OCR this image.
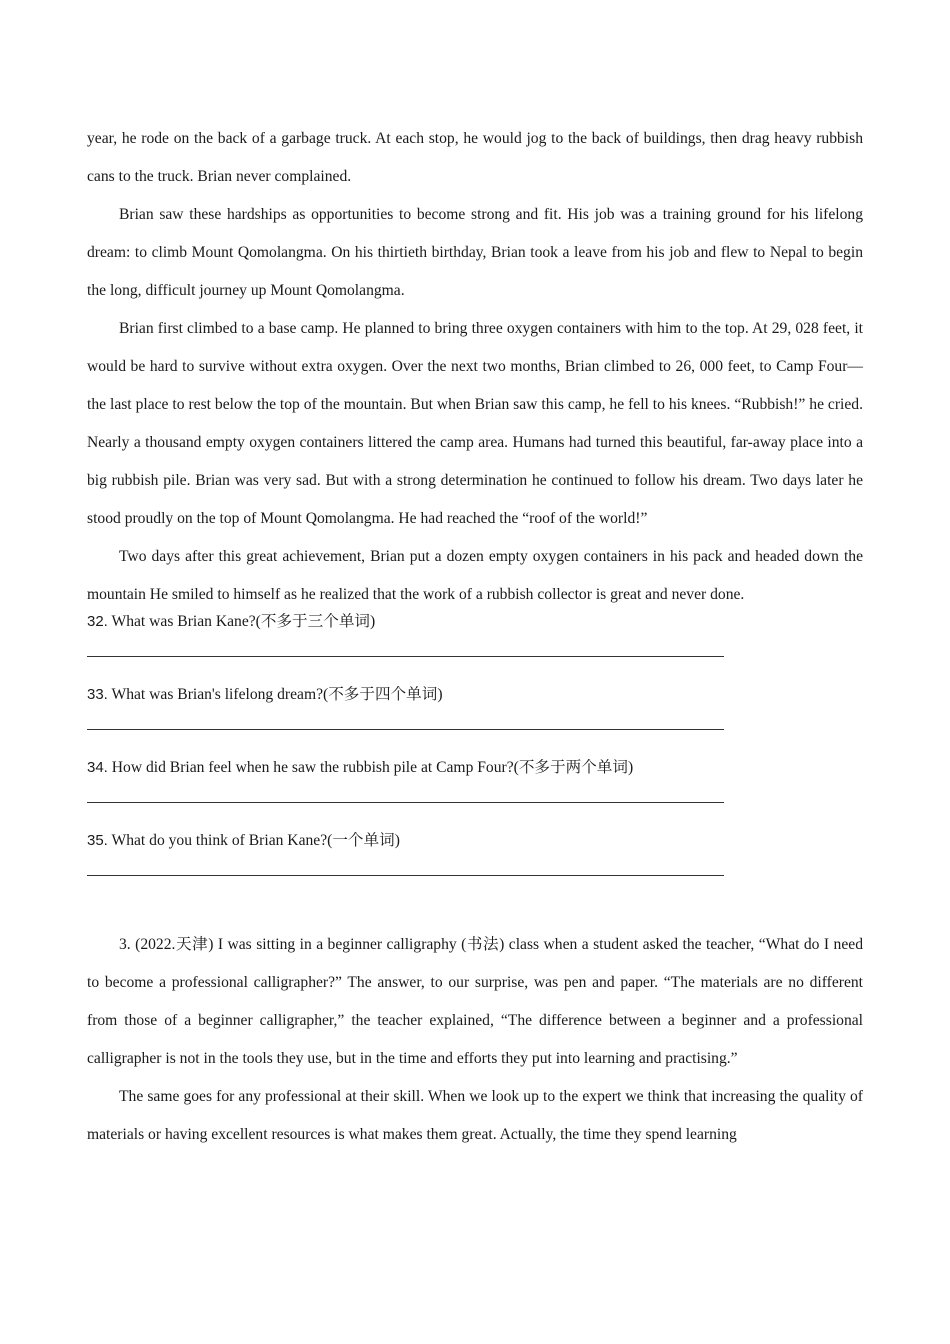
year, he rode on the back of a garbage truck. At each stop, he would jog to the back of buildings, then drag heavy rubbish cans to the truck. Brian never complained.

Brian saw these hardships as opportunities to become strong and fit. His job was a training ground for his lifelong dream: to climb Mount Qomolangma. On his thirtieth birthday, Brian took a leave from his job and flew to Nepal to begin the long, difficult journey up Mount Qomolangma.

Brian first climbed to a base camp. He planned to bring three oxygen containers with him to the top. At 29, 028 feet, it would be hard to survive without extra oxygen. Over the next two months, Brian climbed to 26, 000 feet, to Camp Four—the last place to rest below the top of the mountain. But when Brian saw this camp, he fell to his knees. “Rubbish!” he cried. Nearly a thousand empty oxygen containers littered the camp area. Humans had turned this beautiful, far-away place into a big rubbish pile. Brian was very sad. But with a strong determination he continued to follow his dream. Two days later he stood proudly on the top of Mount Qomolangma. He had reached the “roof of the world!”

Two days after this great achievement, Brian put a dozen empty oxygen containers in his pack and headed down the mountain He smiled to himself as he realized that the work of a rubbish collector is great and never done.

32. What was Brian Kane?(不多于三个单词)

33. What was Brian's lifelong dream?(不多于四个单词)

34. How did Brian feel when he saw the rubbish pile at Camp Four?(不多于两个单词)

35. What do you think of Brian Kane?(一个单词)

3. (2022.天津) I was sitting in a beginner calligraphy (书法) class when a student asked the teacher, “What do I need to become a professional calligrapher?” The answer, to our surprise, was pen and paper. “The materials are no different from those of a beginner calligrapher,” the teacher explained, “The difference between a beginner and a professional calligrapher is not in the tools they use, but in the time and efforts they put into learning and practising.”

The same goes for any professional at their skill. When we look up to the expert we think that increasing the quality of materials or having excellent resources is what makes them great. Actually, the time they spend learning
